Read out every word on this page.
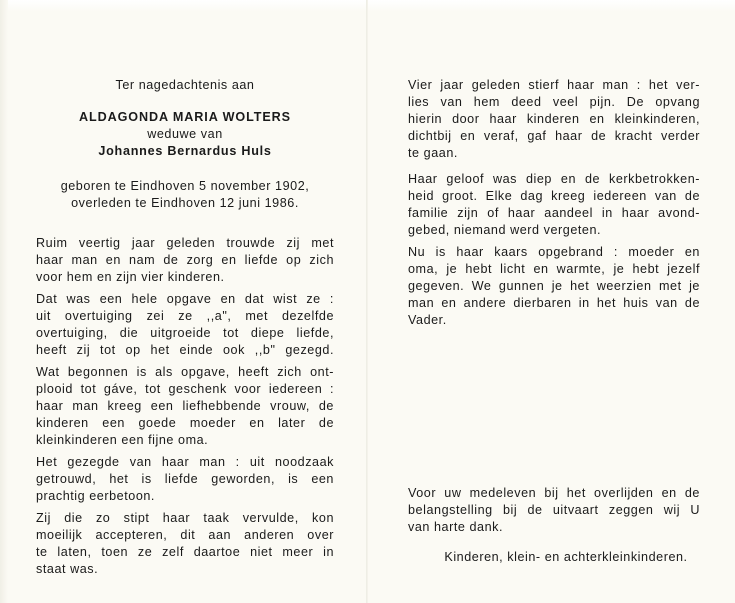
Ter nagedachtenis aan
ALDAGONDA MARIA WOLTERS
weduwe van
Johannes Bernardus Huls
geboren te Eindhoven 5 november 1902,
overleden te Eindhoven 12 juni 1986.
Ruim veertig jaar geleden trouwde zij met
haar man en nam de zorg en liefde op zich
voor hem en zijn vier kinderen.
Dat was een hele opgave en dat wist ze :
uit overtuiging zei ze ,,a", met dezelfde
overtuiging, die uitgroeide tot diepe liefde,
heeft zij tot op het einde ook ,,b" gezegd.
Wat begonnen is als opgave, heeft zich ont-
plooid tot gáve, tot geschenk voor iedereen :
haar man kreeg een liefhebbende vrouw, de
kinderen een goede moeder en later de
kleinkinderen een fijne oma.
Het gezegde van haar man : uit noodzaak
getrouwd, het is liefde geworden, is een
prachtig eerbetoon.
Zij die zo stipt haar taak vervulde, kon
moeilijk accepteren, dit aan anderen over
te laten, toen ze zelf daartoe niet meer in
staat was.
Vier jaar geleden stierf haar man : het ver-
lies van hem deed veel pijn. De opvang
hierin door haar kinderen en kleinkinderen,
dichtbij en veraf, gaf haar de kracht verder
te gaan.
Haar geloof was diep en de kerkbetrokken-
heid groot. Elke dag kreeg iedereen van de
familie zijn of haar aandeel in haar avond-
gebed, niemand werd vergeten.
Nu is haar kaars opgebrand : moeder en
oma, je hebt licht en warmte, je hebt jezelf
gegeven. We gunnen je het weerzien met je
man en andere dierbaren in het huis van de
Vader.
Voor uw medeleven bij het overlijden en de
belangstelling bij de uitvaart zeggen wij U
van harte dank.
Kinderen, klein- en achterkleinkinderen.
